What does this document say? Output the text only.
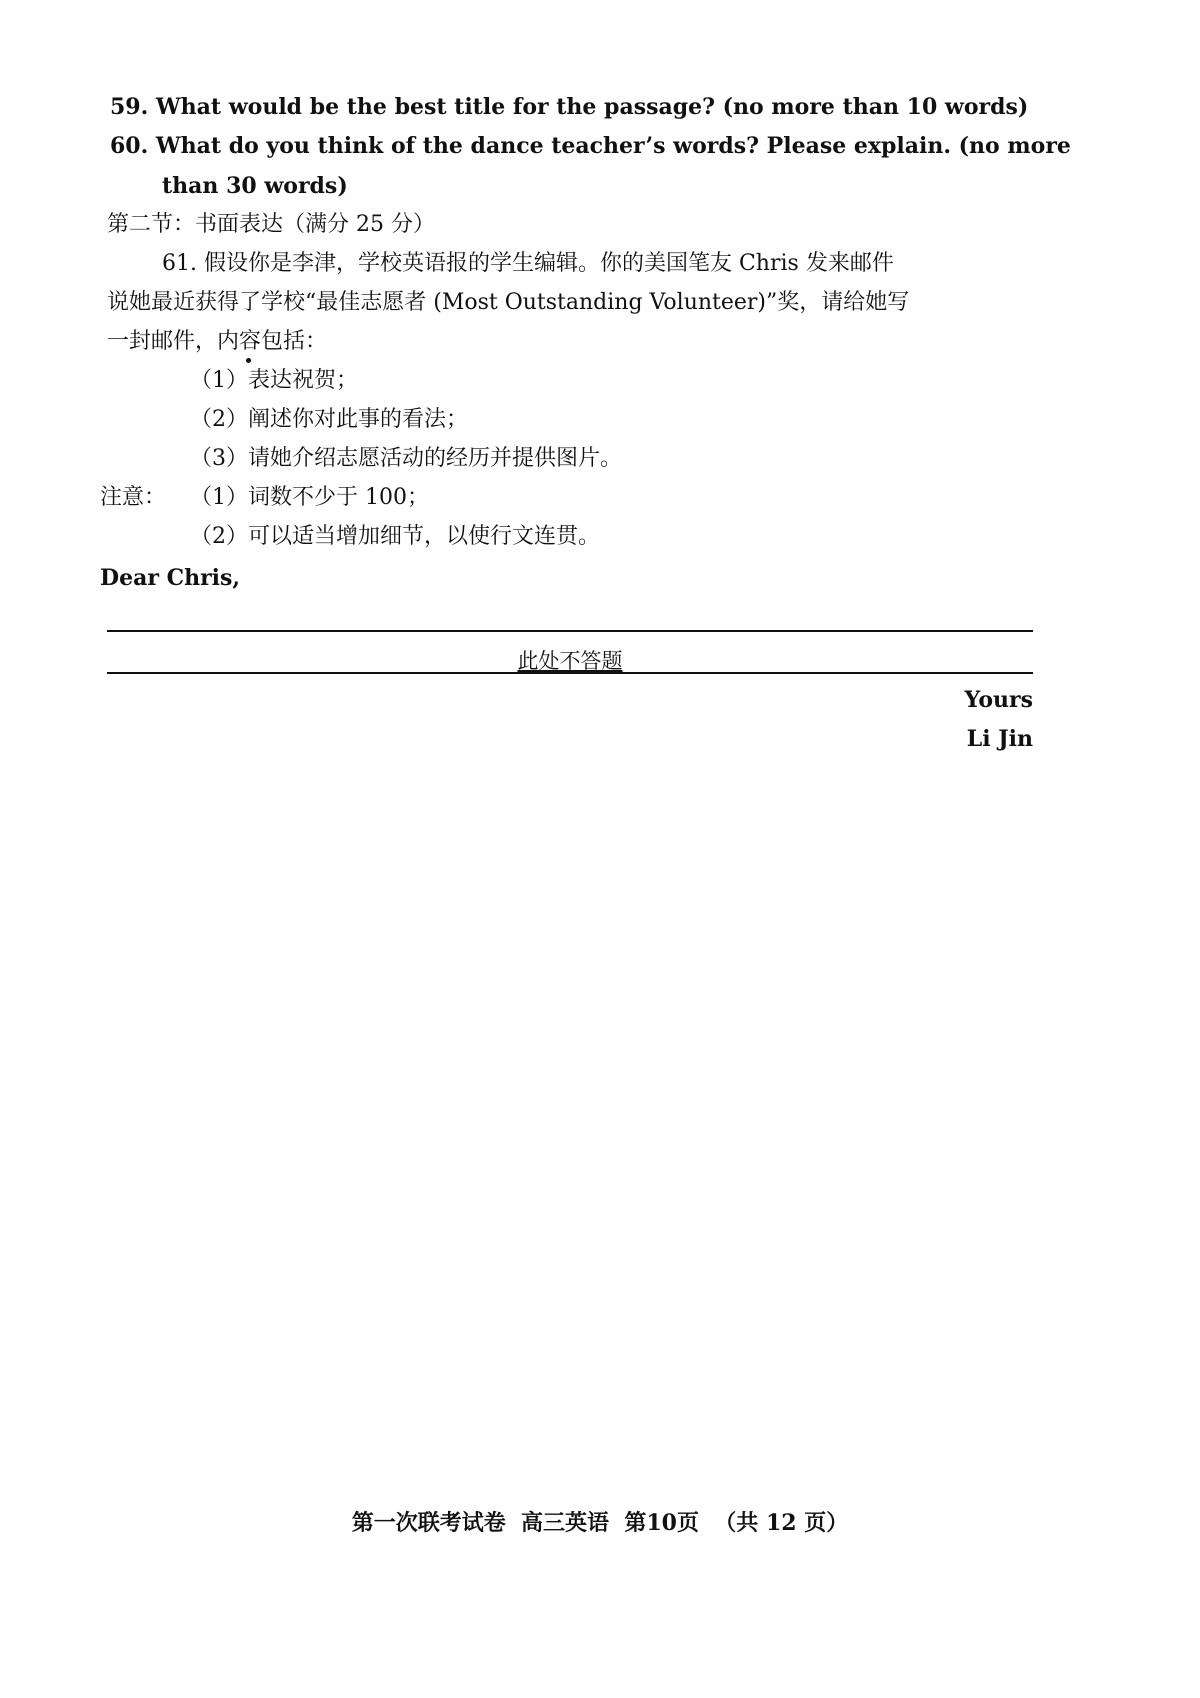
59. What would be the best title for the passage? (no more than 10 words)
60. What do you think of the dance teacher’s words? Please explain. (no more
than 30 words)
第二节：书面表达（满分 25 分）
61. 假设你是李津，学校英语报的学生编辑。你的美国笔友 Chris 发来邮件
说她最近获得了学校“最佳志愿者 (Most Outstanding Volunteer)”奖，请给她写
一封邮件，内容包括：
（1）表达祝贺；
（2）阐述你对此事的看法；
（3）请她介绍志愿活动的经历并提供图片。
注意： （1）词数不少于 100；
（2）可以适当增加细节，以使行文连贯。
Dear Chris,
此处不答题
Yours
Li Jin
第一次联考试卷  高三英语  第10页  （共 12 页）
